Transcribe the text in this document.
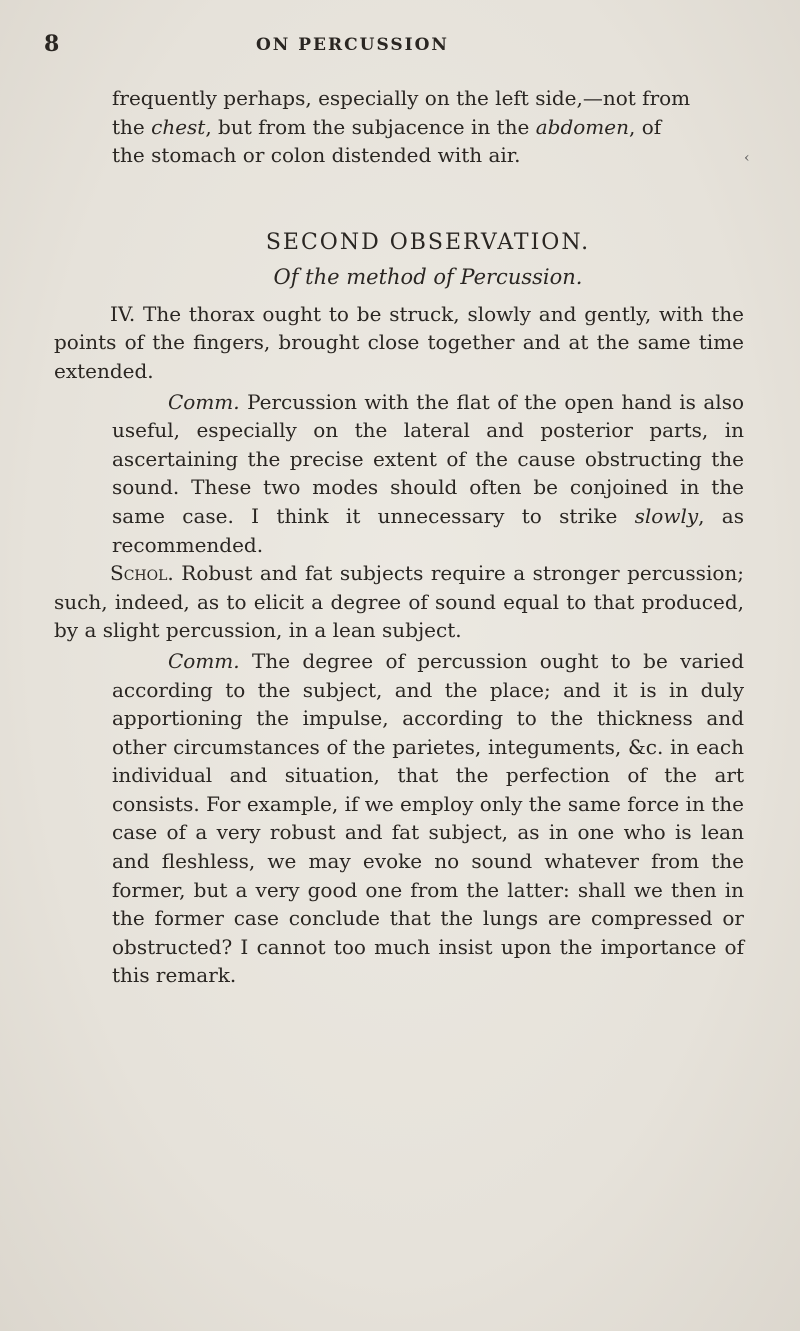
8	ON PERCUSSION

frequently perhaps, especially on the left side,—not from
the chest, but from the subjacence in the abdomen, of
the stomach or colon distended with air.

SECOND OBSERVATION.
Of the method of Percussion.

IV. The thorax ought to be struck, slowly and gently, with the points of the fingers, brought close together and at the same time extended.

Comm. Percussion with the flat of the open hand is also useful, especially on the lateral and posterior parts, in ascertaining the precise extent of the cause obstructing the sound. These two modes should often be conjoined in the same case. I think it unnecessary to strike slowly, as recommended.

Schol. Robust and fat subjects require a stronger percussion; such, indeed, as to elicit a degree of sound equal to that produced, by a slight percussion, in a lean subject.

Comm. The degree of percussion ought to be varied according to the subject, and the place; and it is in duly apportioning the impulse, according to the thickness and other circumstances of the parietes, integuments, &c. in each individual and situation, that the perfection of the art consists. For example, if we employ only the same force in the case of a very robust and fat subject, as in one who is lean and fleshless, we may evoke no sound whatever from the former, but a very good one from the latter: shall we then in the former case conclude that the lungs are compressed or obstructed? I cannot too much insist upon the importance of this remark.

‹
